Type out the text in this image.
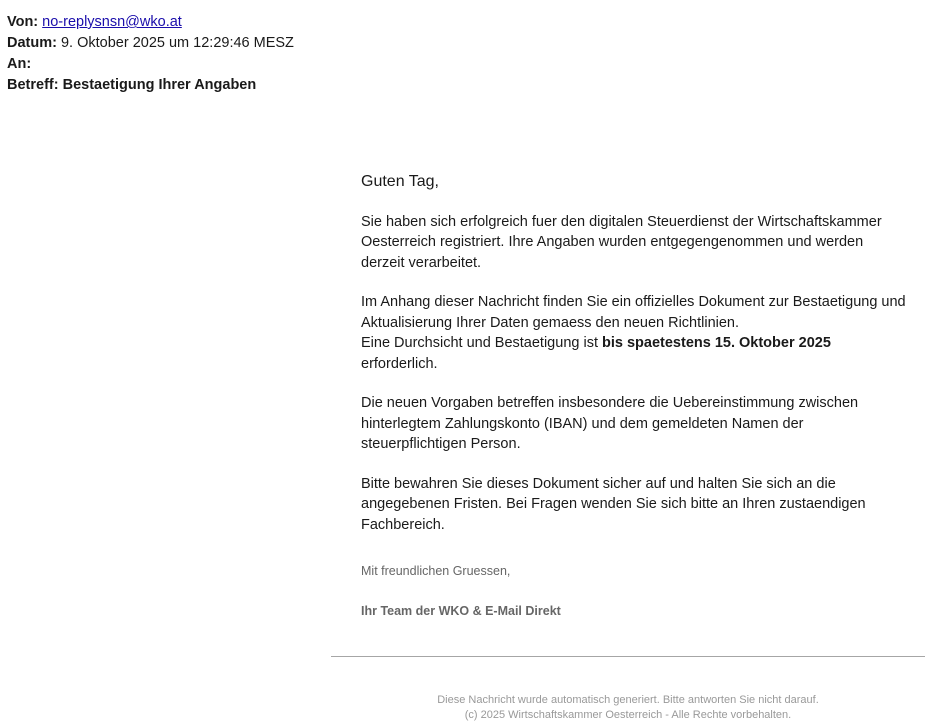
Von: no-replysnsn@wko.at
Datum: 9. Oktober 2025 um 12:29:46 MESZ
An:
Betreff: Bestaetigung Ihrer Angaben
Guten Tag,

Sie haben sich erfolgreich fuer den digitalen Steuerdienst der Wirtschaftskammer Oesterreich registriert. Ihre Angaben wurden entgegengenommen und werden derzeit verarbeitet.

Im Anhang dieser Nachricht finden Sie ein offizielles Dokument zur Bestaetigung und Aktualisierung Ihrer Daten gemaess den neuen Richtlinien.
Eine Durchsicht und Bestaetigung ist bis spaetestens 15. Oktober 2025
erforderlich.

Die neuen Vorgaben betreffen insbesondere die Uebereinstimmung zwischen hinterlegtem Zahlungskonto (IBAN) und dem gemeldeten Namen der steuerpflichtigen Person.

Bitte bewahren Sie dieses Dokument sicher auf und halten Sie sich an die angegebenen Fristen. Bei Fragen wenden Sie sich bitte an Ihren zustaendigen Fachbereich.

Mit freundlichen Gruessen,
Ihr Team der WKO & E-Mail Direkt
Diese Nachricht wurde automatisch generiert. Bitte antworten Sie nicht darauf.
(c) 2025 Wirtschaftskammer Oesterreich - Alle Rechte vorbehalten.
